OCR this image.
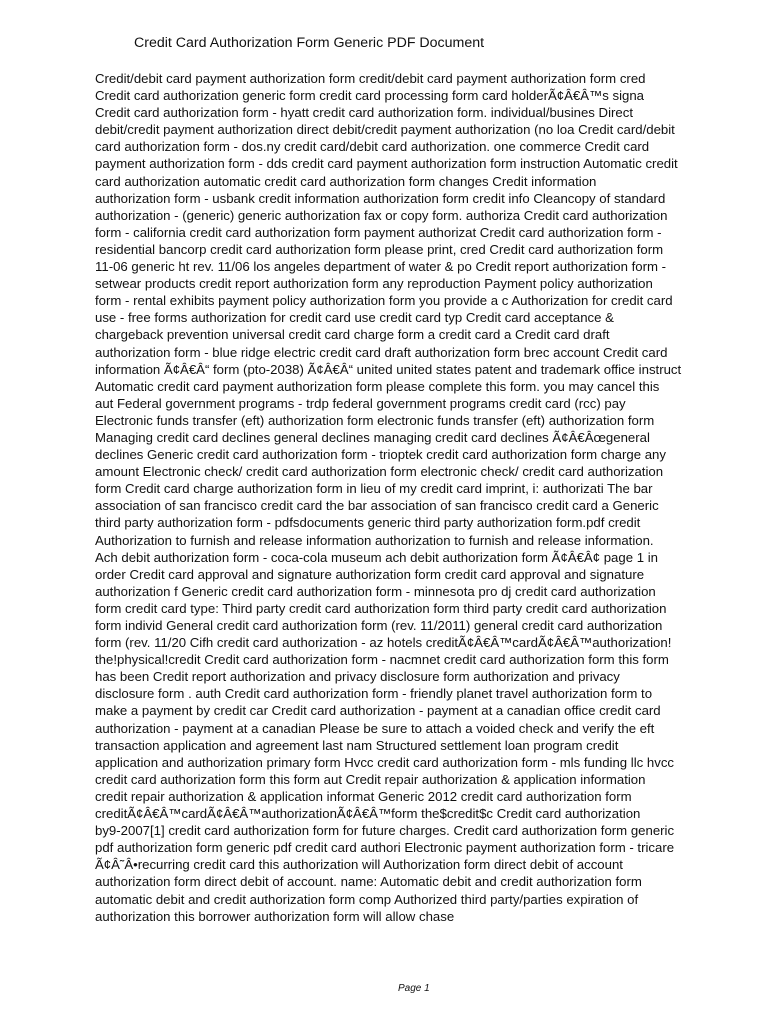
Credit Card Authorization Form Generic PDF Document
Credit/debit card payment authorization form credit/debit card payment authorization form cred
Credit card authorization generic form credit card processing form card holderÃ¢Â€Â™s signa
Credit card authorization form - hyatt credit card authorization form. individual/busines Direct
debit/credit payment authorization direct debit/credit payment authorization (no loa Credit card/debit
card authorization form - dos.ny credit card/debit card authorization. one commerce Credit card
payment authorization form - dds credit card payment authorization form instruction Automatic credit
card authorization automatic credit card authorization form changes Credit information
authorization form - usbank credit information authorization form credit info Cleancopy of standard
authorization - (generic) generic authorization fax or copy form. authoriza Credit card authorization
form - california credit card authorization form payment authorizat Credit card authorization form -
residential bancorp credit card authorization form please print, cred Credit card authorization form
11-06 generic ht rev. 11/06 los angeles department of water & po Credit report authorization form -
setwear products credit report authorization form any reproduction Payment policy authorization
form - rental exhibits payment policy authorization form you provide a c Authorization for credit card
use - free forms authorization for credit card use credit card typ Credit card acceptance &
chargeback prevention universal credit card charge form a credit card a Credit card draft
authorization form - blue ridge electric credit card draft authorization form brec account Credit card
information Ã¢Â€Â“ form (pto-2038) Ã¢Â€Â“ united united states patent and trademark office instruct
Automatic credit card payment authorization form please complete this form. you may cancel this
aut Federal government programs - trdp federal government programs credit card (rcc) pay
Electronic funds transfer (eft) authorization form electronic funds transfer (eft) authorization form
Managing credit card declines general declines managing credit card declines Ã¢Â€Âœgeneral
declines Generic credit card authorization form - trioptek credit card authorization form charge any
amount Electronic check/ credit card authorization form electronic check/ credit card authorization
form Credit card charge authorization form in lieu of my credit card imprint, i: authorizati The bar
association of san francisco credit card the bar association of san francisco credit card a Generic
third party authorization form - pdfsdocuments generic third party authorization form.pdf credit
Authorization to furnish and release information authorization to furnish and release information.
Ach debit authorization form - coca-cola museum ach debit authorization form Ã¢Â€Â¢ page 1 in
order Credit card approval and signature authorization form credit card approval and signature
authorization f Generic credit card authorization form - minnesota pro dj credit card authorization
form credit card type: Third party credit card authorization form third party credit card authorization
form individ General credit card authorization form (rev. 11/2011) general credit card authorization
form (rev. 11/20 Cifh credit card authorization - az hotels creditÃ¢Â€Â™cardÃ¢Â€Â™authorization!
the!physical!credit Credit card authorization form - nacmnet credit card authorization form this form
has been Credit report authorization and privacy disclosure form authorization and privacy
disclosure form . auth Credit card authorization form - friendly planet travel authorization form to
make a payment by credit car Credit card authorization - payment at a canadian office credit card
authorization - payment at a canadian Please be sure to attach a voided check and verify the eft
transaction application and agreement last nam Structured settlement loan program credit
application and authorization primary form Hvcc credit card authorization form - mls funding llc hvcc
credit card authorization form this form aut Credit repair authorization & application information
credit repair authorization & application informat Generic 2012 credit card authorization form
creditÃ¢Â€Â™cardÃ¢Â€Â™authorizationÃ¢Â€Â™form the$credit$c Credit card authorization
by9-2007[1] credit card authorization form for future charges. Credit card authorization form generic
pdf authorization form generic pdf credit card authori Electronic payment authorization form - tricare
Ã¢Â˜Â•recurring credit card this authorization will Authorization form direct debit of account
authorization form direct debit of account. name: Automatic debit and credit authorization form
automatic debit and credit authorization form comp Authorized third party/parties expiration of
authorization this borrower authorization form will allow chase
Page 1
